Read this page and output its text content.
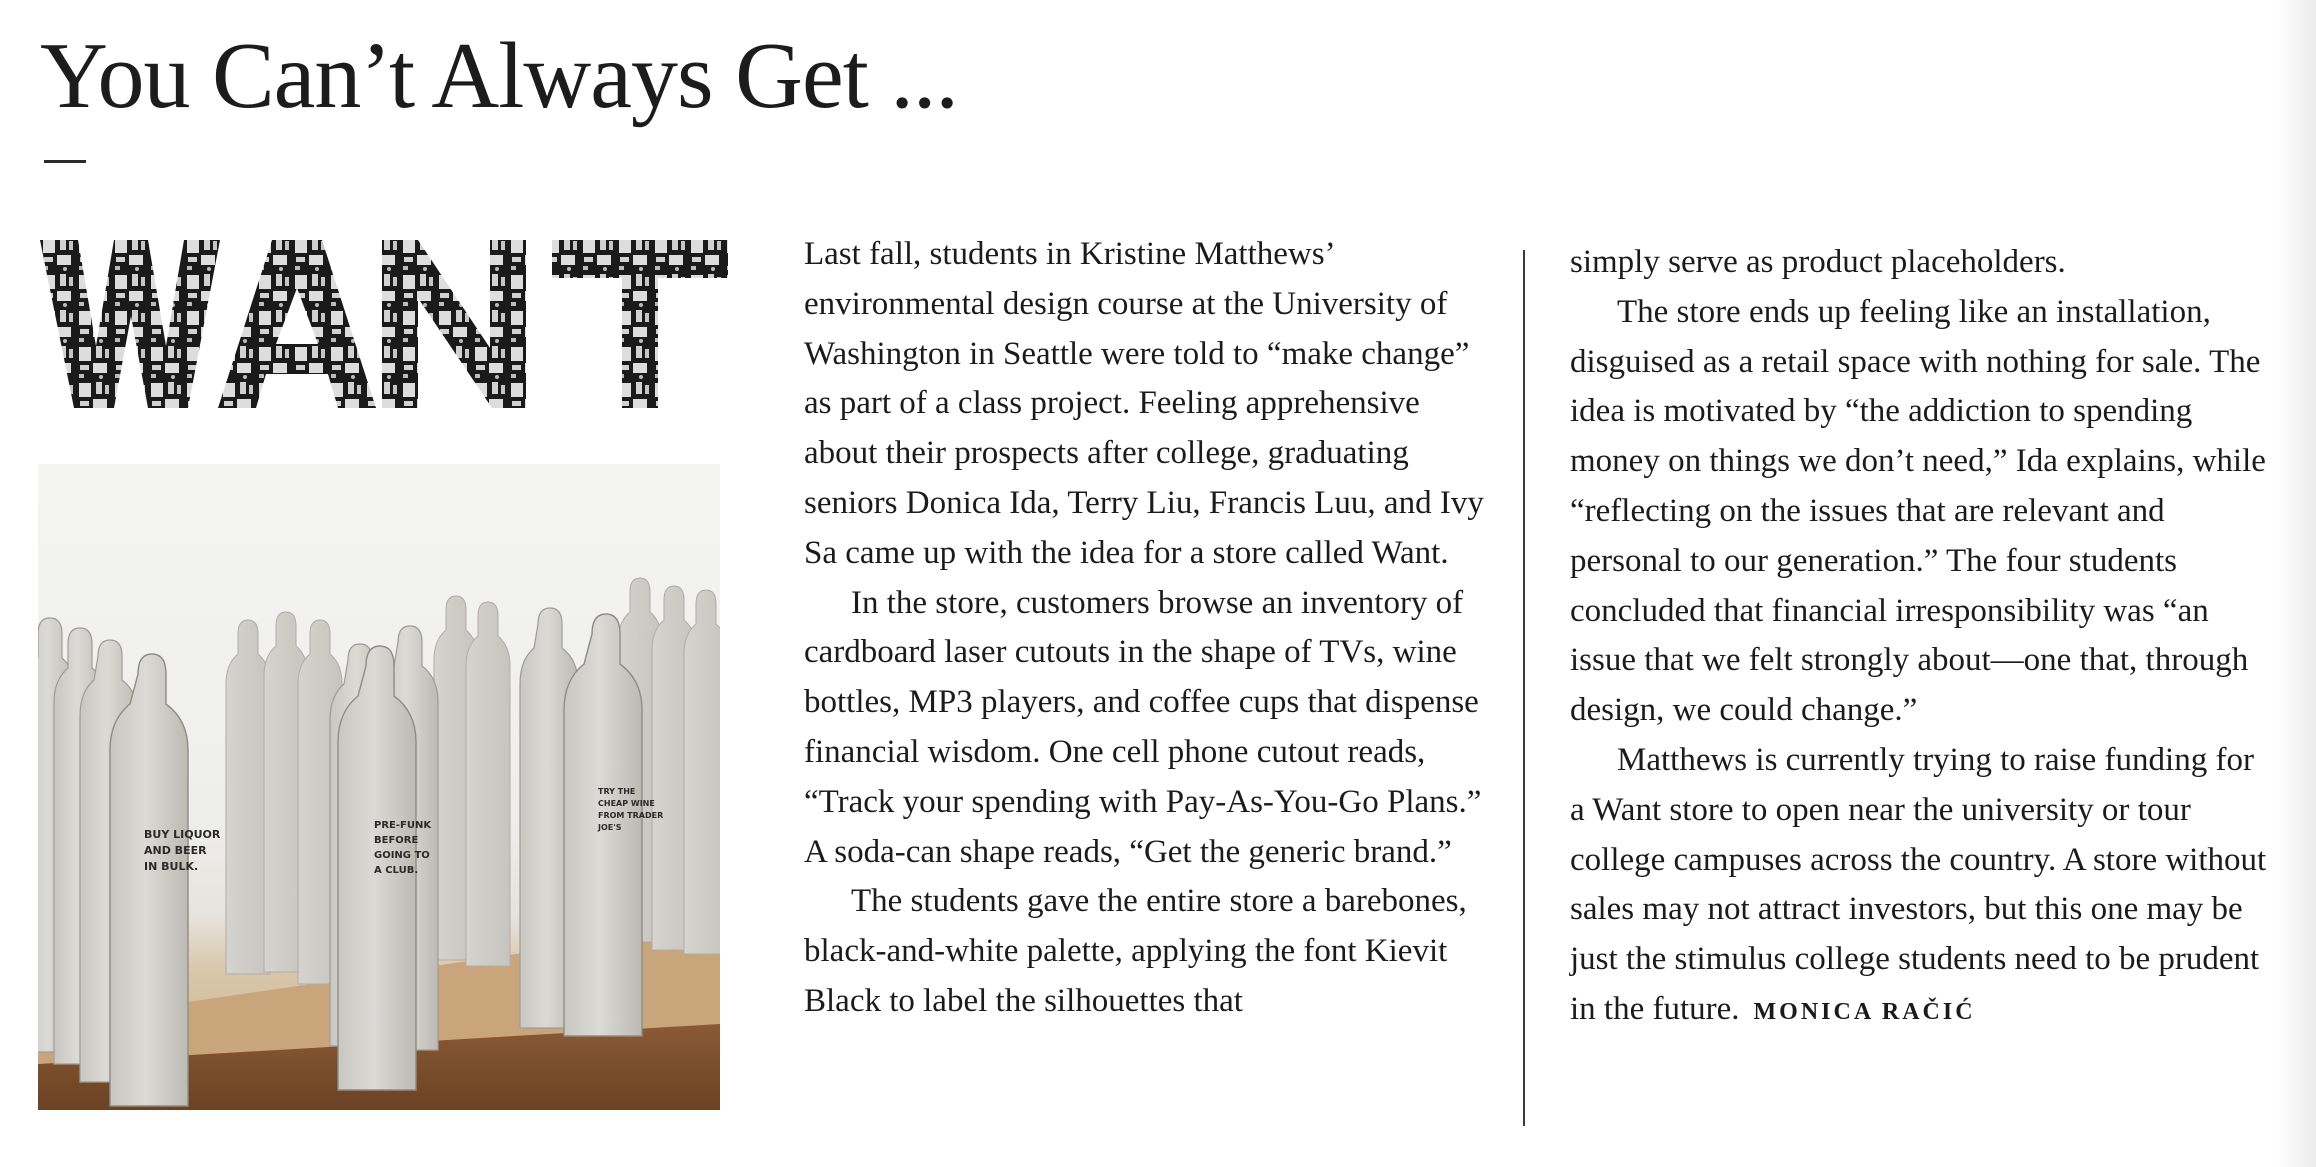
You Can’t Always Get ...
BUY LIQUOR AND BEER IN BULK.
PRE-FUNK BEFORE GOING TO A CLUB.
TRY THE CHEAP WINE FROM TRADER JOE'S

Last fall, students in Kristine Matthews’ environmental design course at the University of Washington in Seattle were told to “make change” as part of a class project. Feeling apprehensive about their prospects after college, graduating seniors Donica Ida, Terry Liu, Francis Luu, and Ivy Sa came up with the idea for a store called Want.

In the store, customers browse an inventory of cardboard laser cutouts in the shape of TVs, wine bottles, MP3 players, and coffee cups that dispense financial wisdom. One cell phone cutout reads, “Track your spending with Pay-As-You-Go Plans.” A soda-can shape reads, “Get the generic brand.”

The students gave the entire store a barebones, black-and-white palette, applying the font Kievit Black to label the silhouettes that

simply serve as product placeholders.

The store ends up feeling like an installation, disguised as a retail space with nothing for sale. The idea is motivated by “the addiction to spending money on things we don’t need,” Ida explains, while “reflecting on the issues that are relevant and personal to our generation.” The four students concluded that financial irresponsibility was “an issue that we felt strongly about—one that, through design, we could change.”

Matthews is currently trying to raise funding for a Want store to open near the university or tour college campuses across the country. A store without sales may not attract investors, but this one may be just the stimulus college students need to be prudent in the future. MONICA RAČIĆ
